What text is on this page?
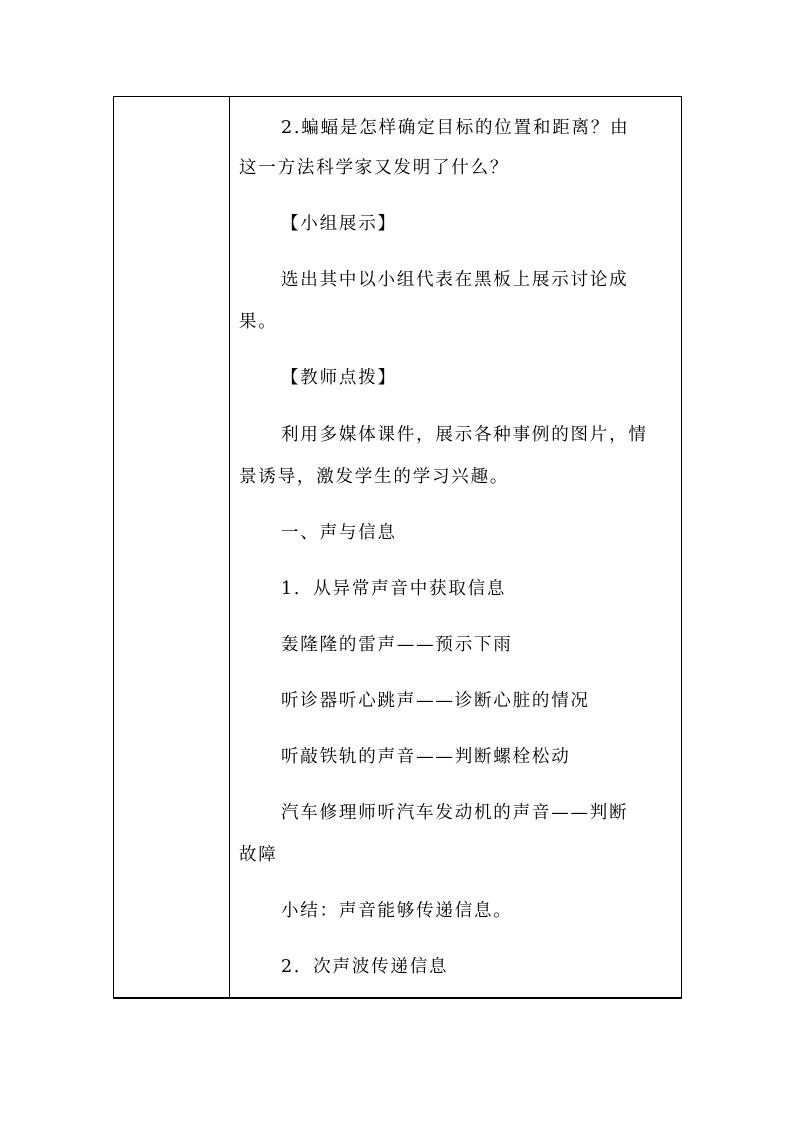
2.蝙蝠是怎样确定目标的位置和距离？由
这一方法科学家又发明了什么？
【小组展示】
选出其中以小组代表在黑板上展示讨论成
果。
【教师点拨】
利用多媒体课件，展示各种事例的图片，情
景诱导，激发学生的学习兴趣。
一、声与信息
1．从异常声音中获取信息
轰隆隆的雷声——预示下雨
听诊器听心跳声——诊断心脏的情况
听敲铁轨的声音——判断螺栓松动
汽车修理师听汽车发动机的声音——判断
故障
小结：声音能够传递信息。
2．次声波传递信息
